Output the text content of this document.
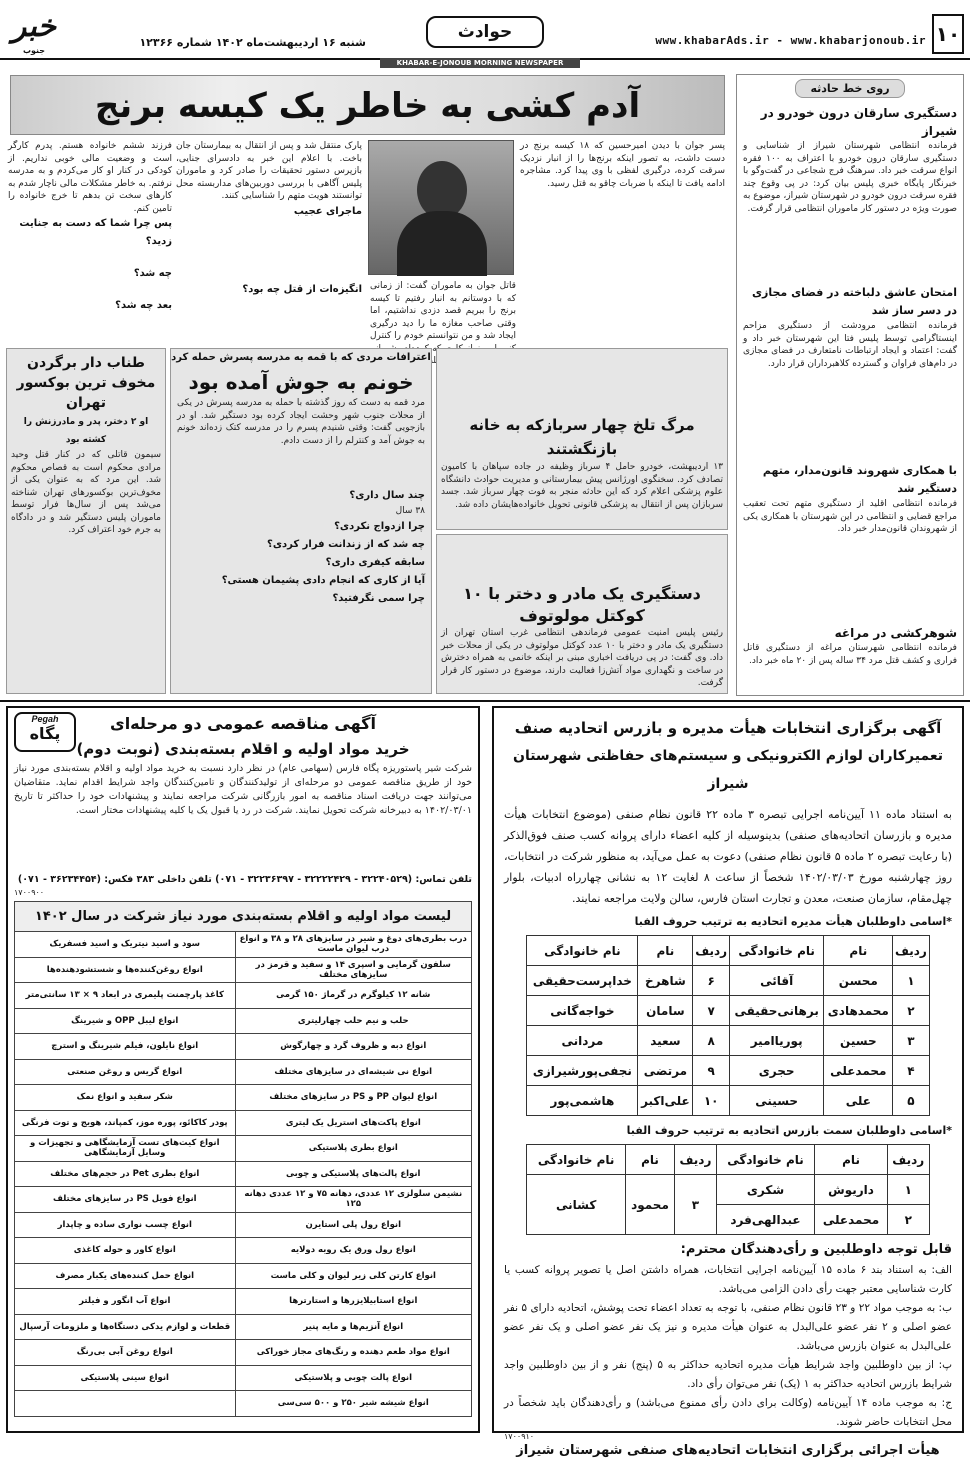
۱۰
www.khabarAds.ir - www.khabarjonoub.ir
حوادث
شنبه ۱۶ اردیبهشت‌ماه ۱۴۰۲ شماره ۱۲۳۶۶
خبر
جنوب
KHABAR-E-JONOUB MORNING NEWSPAPER
روی خط حادثه
دستگیری سارقان درون خودرو در شیراز
فرمانده انتظامی شهرستان شیراز از شناسایی و دستگیری سارقان درون خودرو با اعتراف به ۱۰۰ فقره انواع سرقت خبر داد. سرهنگ فرج شجاعی در گفت‌وگو با خبرنگار پایگاه خبری پلیس بیان کرد: در پی وقوع چند فقره سرقت درون خودرو در شهرستان شیراز، موضوع به صورت ویژه در دستور کار ماموران انتظامی قرار گرفت.
امتحان عاشق دلباخته در فضای مجازی در دسر ساز شد
فرمانده انتظامی مرودشت از دستگیری مزاحم اینستاگرامی توسط پلیس فتا این شهرستان خبر داد و گفت: اعتماد و ایجاد ارتباطات نامتعارف در فضای مجازی در دام‌های فراوان و گسترده کلاهبرداران قرار دارد.
با همکاری شهروند قانون‌مدار، متهم دستگیر شد
فرمانده انتظامی اقلید از دستگیری متهم تحت تعقیب مراجع قضایی و انتظامی در این شهرستان با همکاری یکی از شهروندان قانون‌مدار خبر داد.
شوهرکشی در مراغه
فرمانده انتظامی شهرستان مراغه از دستگیری قاتل فراری و کشف قتل مرد ۳۴ ساله پس از ۲۰ ماه خبر داد.
آدم کشی به خاطر یک کیسه برنج
پسر جوان با دیدن امیرحسین که ۱۸ کیسه برنج در دست داشت، به تصور اینکه برنج‌ها را از انبار نزدیک سرقت کرده، درگیری لفظی با وی پیدا کرد. مشاجره ادامه یافت تا اینکه با ضربات چاقو به قتل رسید.
قاتل جوان به ماموران گفت: از زمانی که با دوستانم به انبار رفتیم تا کیسه برنج را ببریم قصد دزدی نداشتیم، اما وقتی صاحب مغازه ما را دید درگیری ایجاد شد و من نتوانستم خودم را کنترل طلب
پارک منتقل شد و پس از انتقال به بیمارستان جان باخت. با اعلام این خبر به دادسرای جنایی، بازپرس دستور تحقیقات را صادر کرد و ماموران پلیس آگاهی با بررسی دوربین‌های مداربسته محل توانستند هویت متهم را شناسایی کنند.
ماجرای عجیب
انگیزه‌ات از قتل چه بود؟
فرزند ششم خانواده هستم. پدرم کارگر است و وضعیت مالی خوبی نداریم. از کودکی در کنار او کار می‌کردم و به مدرسه نرفتم. به خاطر مشکلات مالی ناچار شدم به کارهای سخت تن بدهم تا خرج خانواده را تامین کنم.
پس چرا شما که دست به جنایت زدید؟
چه شد؟
بعد چه شد؟
اعترافات مردی که با قمه به مدرسه پسرش حمله کرد
خونم به جوش آمده بود
مرد قمه به دست که روز گذشته با حمله به مدرسه پسرش در یکی از محلات جنوب شهر وحشت ایجاد کرده بود دستگیر شد. او در بازجویی گفت: وقتی شنیدم پسرم را در مدرسه کتک زده‌اند خونم به جوش آمد و کنترلم را از دست دادم.
چند سال داری؟
۳۸ سال
چرا ازدواج نکردی؟
چه شد که از زندانت فرار کردی؟
سابقه کیفری داری؟
آیا از کاری که انجام دادی پشیمان هستی؟
چرا سمی نگرفتید؟
طناب دار برگردن مخوف ترین بوکسور تهران
او ۲ دختر، پدر و مادرزنش را کشته بود
سیمون قاتلی که در کنار قتل وحید مرادی محکوم است به قصاص محکوم شد. این مرد که به عنوان یکی از مخوف‌ترین بوکسورهای تهران شناخته می‌شد پس از سال‌ها فرار توسط ماموران پلیس دستگیر شد و در دادگاه به جرم خود اعتراف کرد.
مرگ تلخ چهار سربازکه به خانه بازنگشتند
۱۳ اردیبهشت، خودرو حامل ۴ سرباز وظیفه در جاده سپاهان با کامیون تصادف کرد. سخنگوی اورژانس پیش بیمارستانی و مدیریت حوادث دانشگاه علوم پزشکی اعلام کرد که این حادثه منجر به فوت چهار سرباز شد. جسد سربازان پس از انتقال به پزشکی قانونی تحویل خانواده‌هایشان داده شد.
دستگیری یک مادر و دختر با ۱۰ کوکتل مولوتوف
رئیس پلیس امنیت عمومی فرماندهی انتظامی غرب استان تهران از دستگیری یک مادر و دختر با ۱۰ عدد کوکتل مولوتوف در یکی از محلات خبر داد. وی گفت: در پی دریافت اخباری مبنی بر اینکه خانمی به همراه دخترش در ساخت و نگهداری مواد آتش‌زا فعالیت دارند، موضوع در دستور کار قرار گرفت.
Pegah
پگاه
آگهی مناقصه عمومی دو مرحله‌ای
خرید مواد اولیه و اقلام بسته‌بندی (نوبت دوم)
شرکت شیر پاستوریزه پگاه فارس (سهامی عام) در نظر دارد نسبت به خرید مواد اولیه و اقلام بسته‌بندی مورد نیاز خود از طریق مناقصه عمومی دو مرحله‌ای از تولیدکنندگان و تامین‌کنندگان واجد شرایط اقدام نماید. متقاضیان می‌توانند جهت دریافت اسناد مناقصه به امور بازرگانی شرکت مراجعه نمایند و پیشنهادات خود را حداکثر تا تاریخ ۱۴۰۲/۰۳/۰۱ به دبیرخانه شرکت تحویل نمایند. شرکت در رد یا قبول یک یا کلیه پیشنهادات مختار است.
تلفن تماس: (۳۲۲۴۰۵۲۹ - ۳۲۲۲۲۴۲۹ - ۳۲۲۳۶۳۹۷ - ۰۷۱) تلفن داخلی ۳۸۳ فکس: (۳۶۲۳۴۴۵۴ - ۰۷۱)
۱۷۰۰۹۰۰
لیست مواد اولیه و اقلام بسته‌بندی مورد نیاز شرکت در سال ۱۴۰۲	
درب بطری‌های دوغ و شیر در سایزهای ۲۸ و ۳۸ و انواع درب لیوان ماست	سود و اسید نیتریک و اسید فسفریک
سلفون گرمایی و اسپری ۱۴ و سفید و قرمز در سایزهای مختلف	انواع روغن‌کننده‌ها و شستشودهنده‌ها
شانه ۱۲ کیلوگرم در گرماژ ۱۵۰ گرمی	کاغذ پارچمنت پلیمری در ابعاد ۹ × ۱۳ سانتی‌متر
حلب و نیم حلب چهارلیتری	انواع لیبل OPP و شیرینگ
انواع دبه و ظروف گرد و چهارگوش	انواع نایلون، فیلم شیرینگ و استرچ
انواع نی شیشه‌ای در سایزهای مختلف	انواع گریس و روغن صنعتی
انواع لیوان PP و PS در سایزهای مختلف	شکر سفید و انواع نمک
انواع پاکت‌های استریل یک لیتری	پودر کاکائو، پوره موز، کمپاند، هویج و توت فرنگی
انواع بطری پلاستیکی	انواع کیت‌های تست آزمایشگاهی و تجهیزات و وسایل آزمایشگاهی
انواع پالت‌های پلاستیکی و چوبی	انواع بطری Pet در حجم‌های مختلف
نشیمن سلولزی ۱۲ عددی، دهانه ۷۵ و ۱۲ عددی دهانه ۱۲۵	انواع فویل PS در سایزهای مختلف
انواع رول پلی استایرن	انواع چسب نواری ساده و چاپدار
انواع رول ورق یک رویه دولایه	انواع کاور و حوله کاغذی
انواع کارتن کلی زیر لیوان و کلی ماست	انواع حمل کننده‌های یکبار مصرف
انواع استابیلایزرها و استارترها	انواع آب انگور و فیلتر
انواع آنزیم‌ها و مایه پنیر	قطعات و لوازم یدکی دستگاه‌ها و ملزومات آرسپال
انواع مواد طعم دهنده و رنگ‌های مجاز خوراکی	انواع روغن آبی بی‌رنگ
انواع پالت چوبی و پلاستیکی	انواع سینی پلاستیکی
انواع شیشه شیر ۲۵۰ و ۵۰۰ سی‌سی	
آگهی برگزاری انتخابات هیأت مدیره و بازرس اتحادیه صنف
تعمیرکاران لوازم الکترونیکی و سیستم‌های حفاظتی شهرستان شیراز
به استناد ماده ۱۱ آیین‌نامه اجرایی تبصره ۳ ماده ۲۲ قانون نظام صنفی (موضوع انتخابات هیأت مدیره و بازرسان اتحادیه‌های صنفی) بدینوسیله از کلیه اعضاء دارای پروانه کسب صنف فوق‌الذکر (با رعایت تبصره ۲ ماده ۵ قانون نظام صنفی) دعوت به عمل می‌آید، به منظور شرکت در انتخابات، روز چهارشنبه مورخ ۱۴۰۲/۰۳/۰۳ شخصاً از ساعت ۸ لغایت ۱۲ به نشانی چهارراه ادبیات، بلوار چهل‌مقام، سازمان صنعت، معدن و تجارت استان فارس، سالن ولایت مراجعه نمایند.
*اسامی داوطلبان هیأت مدیره اتحادیه به ترتیب حروف الفبا
ردیف	نام	نام خانوادگی	ردیف	نام	نام خانوادگی
۱	محسن	آقائی	۶	شاهرخ	خداپرست‌حقیقی
۲	محمدهادی	برهانی‌حقیقی	۷	سامان	خواجه‌گانی
۳	حسین	پوریاامیر	۸	سعید	مردانی
۴	محمدعلی	حجری	۹	مرتضی	نجفی‌پورشیرازی
۵	علی	حسینی	۱۰	علی‌اکبر	هاشمی‌پور
*اسامی داوطلبان سمت بازرس اتحادیه به ترتیب حروف الفبا
ردیف	نام	نام خانوادگی	ردیف	نام	نام خانوادگی
۱	داریوش	شکری	۳	محمود	کشانی
۲	محمدعلی	عبدالهی‌فرد			
قابل توجه داوطلبین و رأی‌دهندگان محترم:
الف: به استناد بند ۶ ماده ۱۵ آیین‌نامه اجرایی انتخابات، همراه داشتن اصل یا تصویر پروانه کسب یا کارت شناسایی معتبر جهت رأی دادن الزامی می‌باشد.
ب: به موجب مواد ۲۲ و ۲۳ قانون نظام صنفی، با توجه به تعداد اعضاء تحت پوشش، اتحادیه دارای ۵ نفر عضو اصلی و ۲ نفر عضو علی‌البدل به عنوان هیأت مدیره و نیز یک نفر عضو اصلی و یک نفر عضو علی‌البدل به عنوان بازرس می‌باشد.
پ: از بین داوطلبین واجد شرایط هیأت مدیره اتحادیه حداکثر به ۵ (پنج) نفر و از بین داوطلبین واجد شرایط بازرس اتحادیه حداکثر به ۱ (یک) نفر می‌توان رأی داد.
ج: به موجب ماده ۱۴ آیین‌نامه (وکالت برای دادن رأی ممنوع می‌باشد) و رأی‌دهندگان باید شخصاً در محل انتخابات حاضر شوند.
۱۷۰۰۹۱۰
هیأت اجرائی برگزاری انتخابات اتحادیه‌های صنفی شهرستان شیراز
